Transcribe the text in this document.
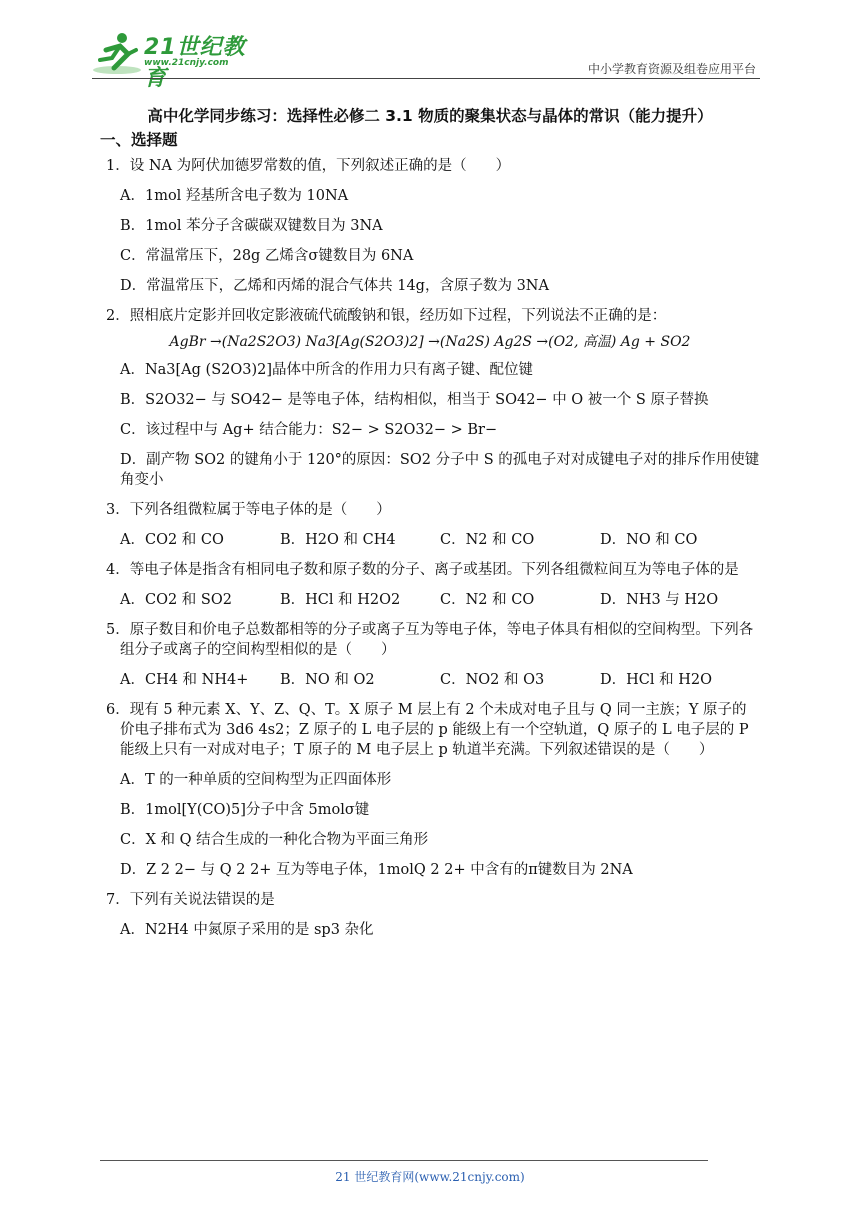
21世纪教育
www.21cnjy.com	中小学教育资源及组卷应用平台
高中化学同步练习：选择性必修二 3.1 物质的聚集状态与晶体的常识（能力提升）
一、选择题
1．设 NA 为阿伏加德罗常数的值，下列叙述正确的是（　　）
A．1mol 羟基所含电子数为 10NA
B．1mol 苯分子含碳碳双键数目为 3NA
C．常温常压下，28g 乙烯含σ键数目为 6NA
D．常温常压下，乙烯和丙烯的混合气体共 14g，含原子数为 3NA
2．照相底片定影并回收定影液硫代硫酸钠和银，经历如下过程，下列说法不正确的是：
AgBr →(Na2S2O3) Na3[Ag(S2O3)2] →(Na2S) Ag2S →(O2, 高温) Ag + SO2
A．Na3[Ag (S2O3)2]晶体中所含的作用力只有离子键、配位键
B．S2O32− 与 SO42− 是等电子体，结构相似，相当于 SO42− 中 O 被一个 S 原子替换
C．该过程中与 Ag+ 结合能力：S2− > S2O32− > Br−
D．副产物 SO2 的键角小于 120°的原因：SO2 分子中 S 的孤电子对对成键电子对的排斥作用使键角变小
3．下列各组微粒属于等电子体的是（　　）
A．CO2 和 CO	B．H2O 和 CH4	C．N2 和 CO	D．NO 和 CO
4．等电子体是指含有相同电子数和原子数的分子、离子或基团。下列各组微粒间互为等电子体的是
A．CO2 和 SO2	B．HCl 和 H2O2	C．N2 和 CO	D．NH3 与 H2O
5．原子数目和价电子总数都相等的分子或离子互为等电子体，等电子体具有相似的空间构型。下列各组分子或离子的空间构型相似的是（　　）
A．CH4 和 NH4+	B．NO 和 O2	C．NO2 和 O3	D．HCl 和 H2O
6．现有 5 种元素 X、Y、Z、Q、T。X 原子 M 层上有 2 个未成对电子且与 Q 同一主族；Y 原子的价电子排布式为 3d6 4s2；Z 原子的 L 电子层的 p 能级上有一个空轨道，Q 原子的 L 电子层的 P 能级上只有一对成对电子；T 原子的 M 电子层上 p 轨道半充满。下列叙述错误的是（　　）
A．T 的一种单质的空间构型为正四面体形
B．1mol[Y(CO)5]分子中含 5molσ键
C．X 和 Q 结合生成的一种化合物为平面三角形
D．Z 2 2− 与 Q 2 2+ 互为等电子体，1molQ 2 2+ 中含有的π键数目为 2NA
7．下列有关说法错误的是
A．N2H4 中氮原子采用的是 sp3 杂化
21 世纪教育网(www.21cnjy.com)
